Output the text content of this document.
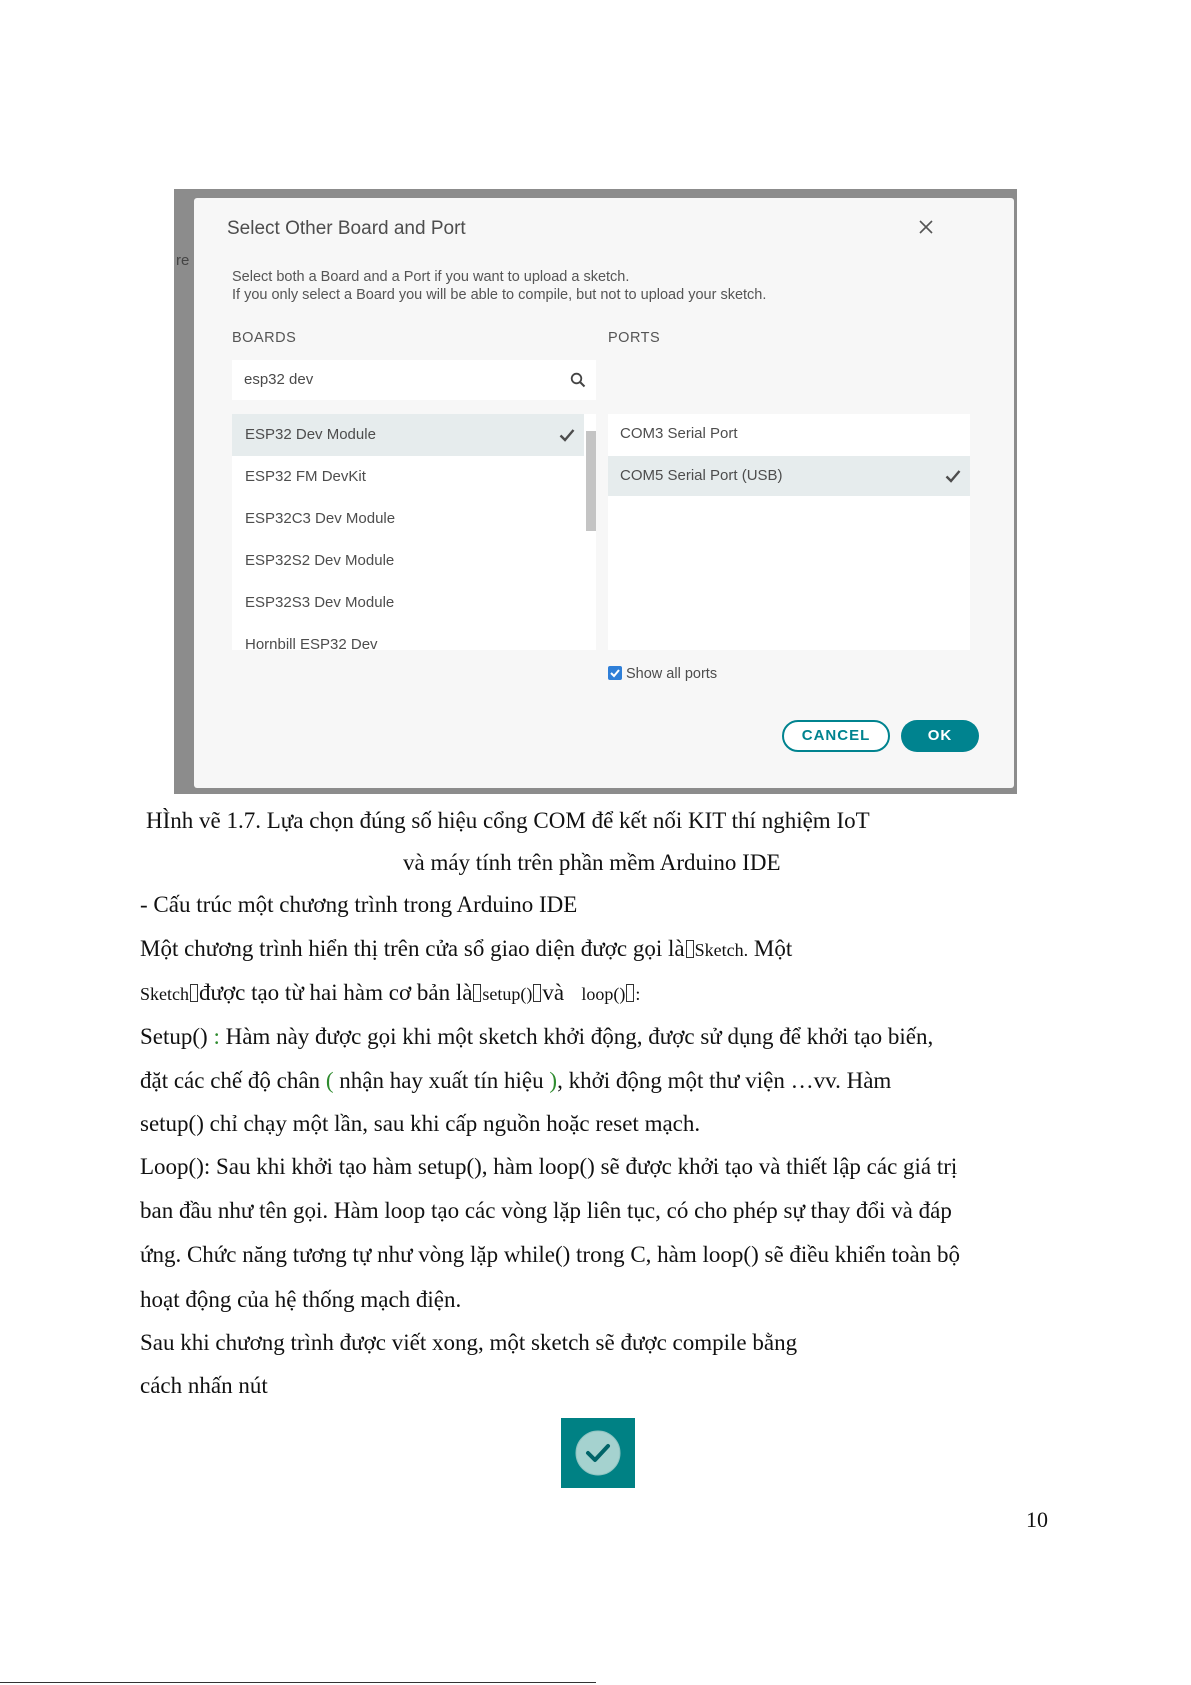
re
Select Other Board and Port
Select both a Board and a Port if you want to upload a sketch.
If you only select a Board you will be able to compile, but not to upload your sketch.
BOARDS	PORTS
esp32 dev
ESP32 Dev Module
ESP32 FM DevKit
ESP32C3 Dev Module
ESP32S2 Dev Module
ESP32S3 Dev Module
Hornbill ESP32 Dev
COM3 Serial Port
COM5 Serial Port (USB)
Show all ports
CANCEL	OK
HÌnh vẽ 1.7. Lựa chọn đúng số hiệu cổng COM để kết nối KIT thí nghiệm IoT
và máy tính trên phần mềm Arduino IDE
- Cấu trúc một chương trình trong Arduino IDE
Một chương trình hiển thị trên cửa sổ giao diện được gọi là Sketch. Một
Sketch được tạo từ hai hàm cơ bản là setup() và loop() :
Setup() : Hàm này được gọi khi một sketch khởi động, được sử dụng để khởi tạo biến,
đặt các chế độ chân ( nhận hay xuất tín hiệu ), khởi động một thư viện …vv. Hàm
setup() chỉ chạy một lần, sau khi cấp nguồn hoặc reset mạch.
Loop(): Sau khi khởi tạo hàm setup(), hàm loop() sẽ được khởi tạo và thiết lập các giá trị
ban đầu như tên gọi. Hàm loop tạo các vòng lặp liên tục, có cho phép sự thay đổi và đáp
ứng. Chức năng tương tự như vòng lặp while() trong C, hàm loop() sẽ điều khiển toàn bộ
hoạt động của hệ thống mạch điện.
Sau khi chương trình được viết xong, một sketch sẽ được compile bằng
cách nhấn nút
10
